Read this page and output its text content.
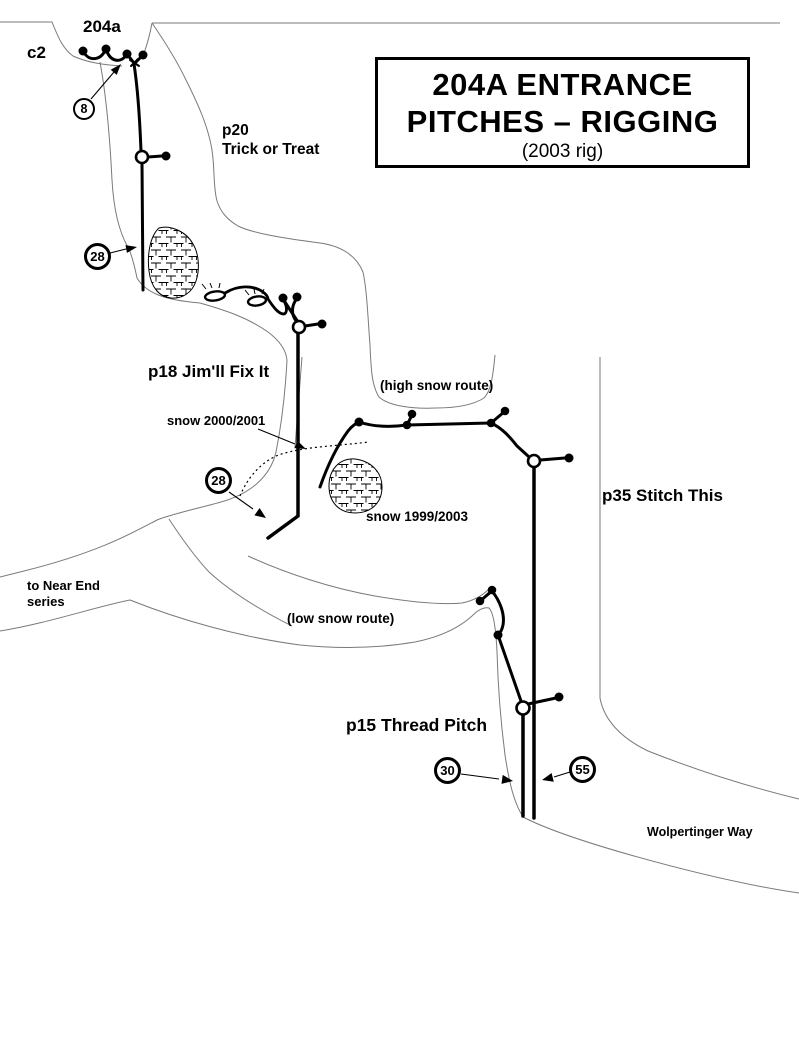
204A ENTRANCE
PITCHES – RIGGING
(2003 rig)
204a
c2
p20
Trick or Treat
p18 Jim'll Fix It
snow 2000/2001
(high snow route)
snow 1999/2003
p35 Stitch This
to Near End
series
(low snow route)
p15 Thread Pitch
Wolpertinger Way
8
28
28
30	55
